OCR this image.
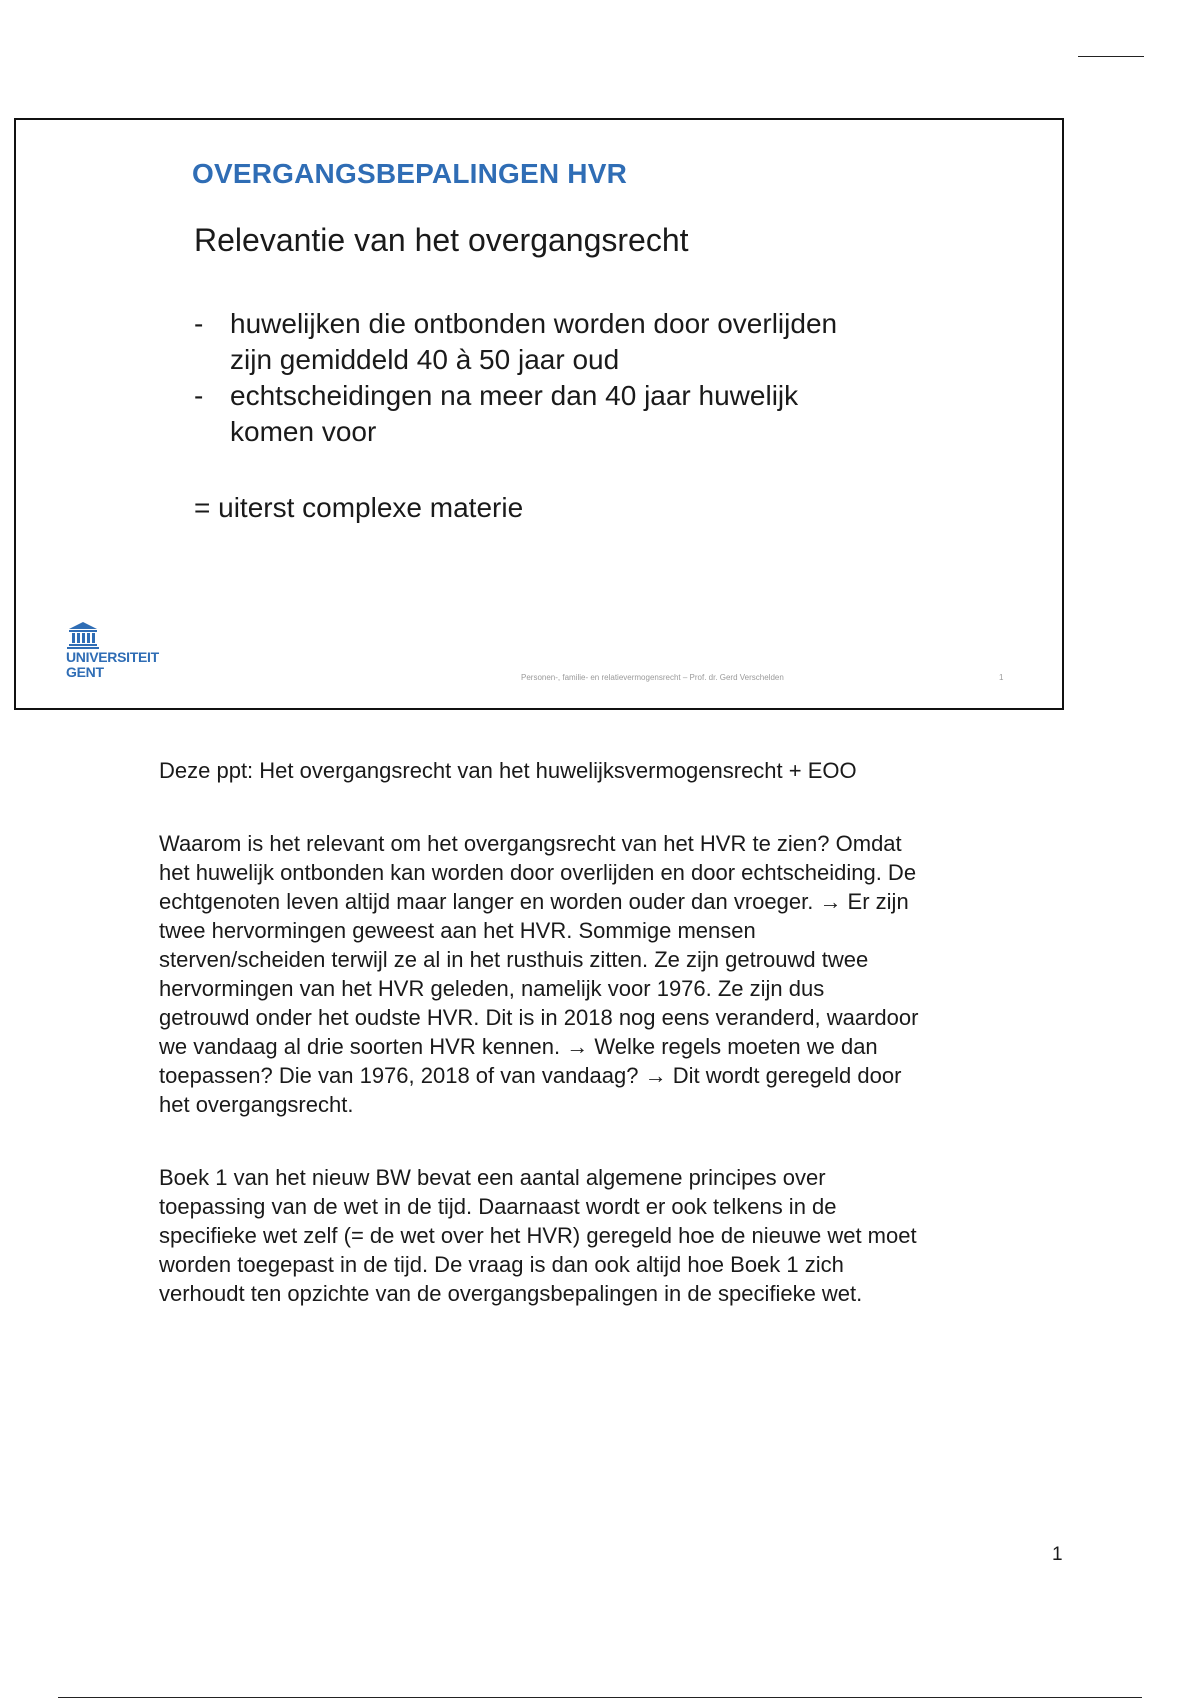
OVERGANGSBEPALINGEN HVR
Relevantie van het overgangsrecht
- huwelijken die ontbonden worden door overlijden
zijn gemiddeld 40 à 50 jaar oud
- echtscheidingen na meer dan 40 jaar huwelijk
komen voor

= uiterst complexe materie

UNIVERSITEIT
GENT	Personen-, familie- en relatievermogensrecht – Prof. dr. Gerd Verschelden	1

Deze ppt: Het overgangsrecht van het huwelijksvermogensrecht + EOO

Waarom is het relevant om het overgangsrecht van het HVR te zien? Omdat het huwelijk ontbonden kan worden door overlijden en door echtscheiding. De echtgenoten leven altijd maar langer en worden ouder dan vroeger. → Er zijn twee hervormingen geweest aan het HVR. Sommige mensen sterven/scheiden terwijl ze al in het rusthuis zitten. Ze zijn getrouwd twee hervormingen van het HVR geleden, namelijk voor 1976. Ze zijn dus getrouwd onder het oudste HVR. Dit is in 2018 nog eens veranderd, waardoor we vandaag al drie soorten HVR kennen. → Welke regels moeten we dan toepassen? Die van 1976, 2018 of van vandaag? → Dit wordt geregeld door het overgangsrecht.

Boek 1 van het nieuw BW bevat een aantal algemene principes over toepassing van de wet in de tijd. Daarnaast wordt er ook telkens in de specifieke wet zelf (= de wet over het HVR) geregeld hoe de nieuwe wet moet worden toegepast in de tijd. De vraag is dan ook altijd hoe Boek 1 zich verhoudt ten opzichte van de overgangsbepalingen in de specifieke wet.

1
